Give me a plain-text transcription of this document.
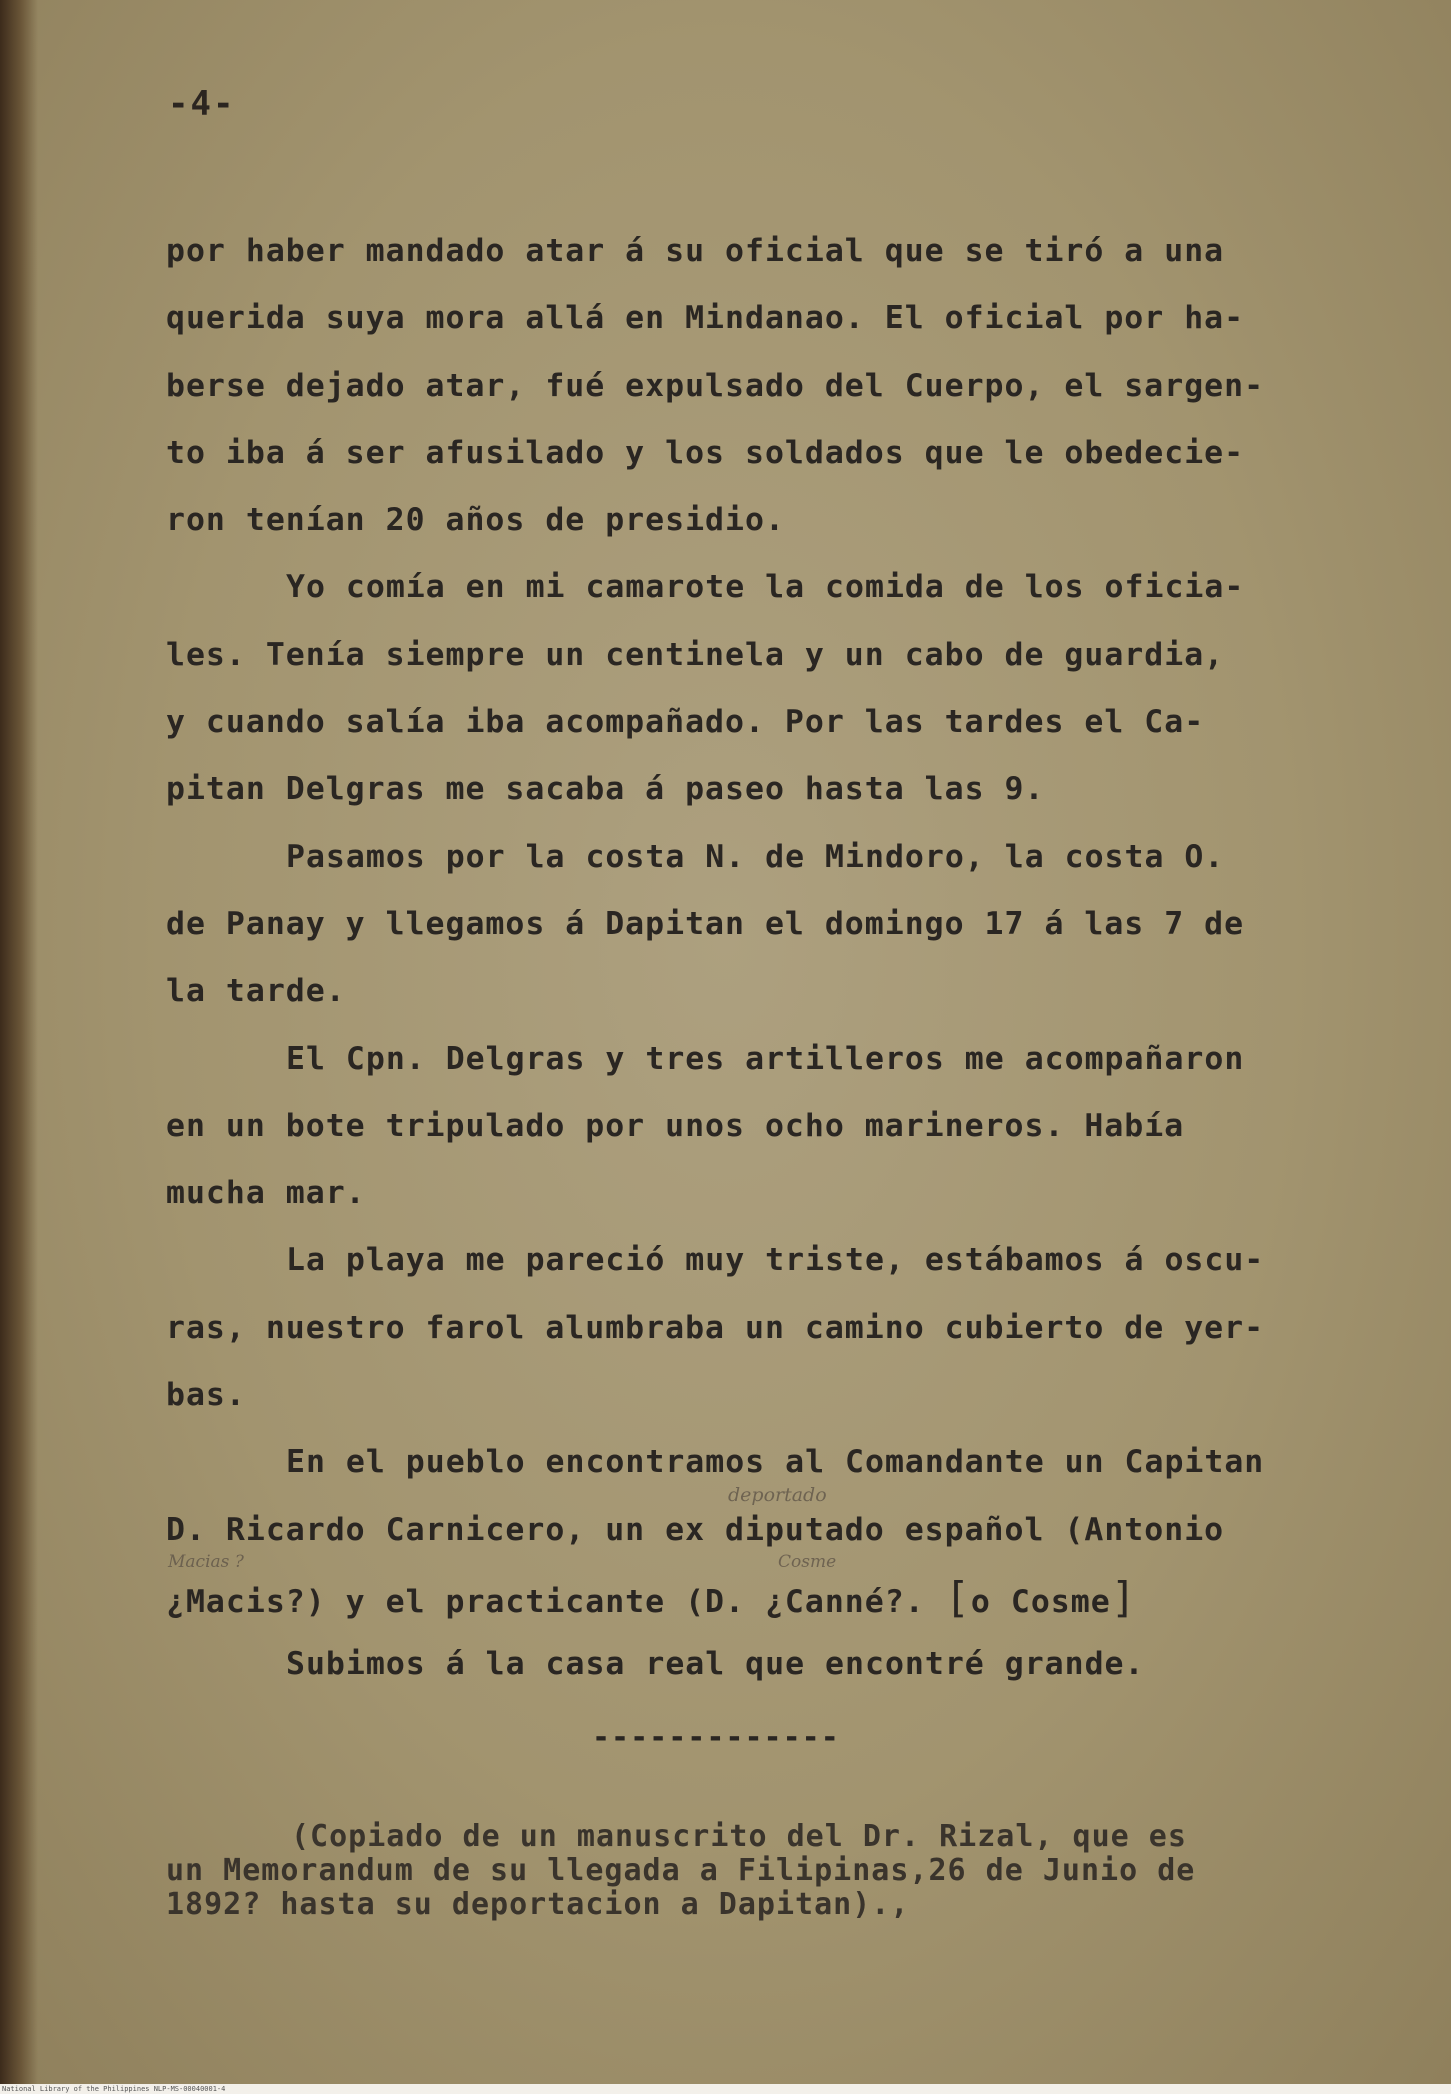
-4-
por haber mandado atar á su oficial que se tiró a una
querida suya mora allá en Mindanao. El oficial por ha-
berse dejado atar, fué expulsado del Cuerpo, el sargen-
to iba á ser afusilado y los soldados que le obedecie-
ron tenían 20 años de presidio.
Yo comía en mi camarote la comida de los oficia-
les. Tenía siempre un centinela y un cabo de guardia,
y cuando salía iba acompañado. Por las tardes el Ca-
pitan Delgras me sacaba á paseo hasta las 9.
Pasamos por la costa N. de Mindoro, la costa O.
de Panay y llegamos á Dapitan el domingo 17 á las 7 de
la tarde.
El Cpn. Delgras y tres artilleros me acompañaron
en un bote tripulado por unos ocho marineros. Había
mucha mar.
La playa me pareció muy triste, estábamos á oscu-
ras, nuestro farol alumbraba un camino cubierto de yer-
bas.
En el pueblo encontramos al Comandante un Capitan
D. Ricardo Carnicero, un ex diputado español (Antonio
¿Macis?) y el practicante (D. ¿Canné?. [o Cosme]
Subimos á la casa real que encontré grande.
deportado
Macias ?	Cosme
-------------
(Copiado de un manuscrito del Dr. Rizal, que es
un Memorandum de su llegada a Filipinas,26 de Junio de
1892? hasta su deportacion a Dapitan).,
National Library of the Philippines NLP-MS-00040001-4
